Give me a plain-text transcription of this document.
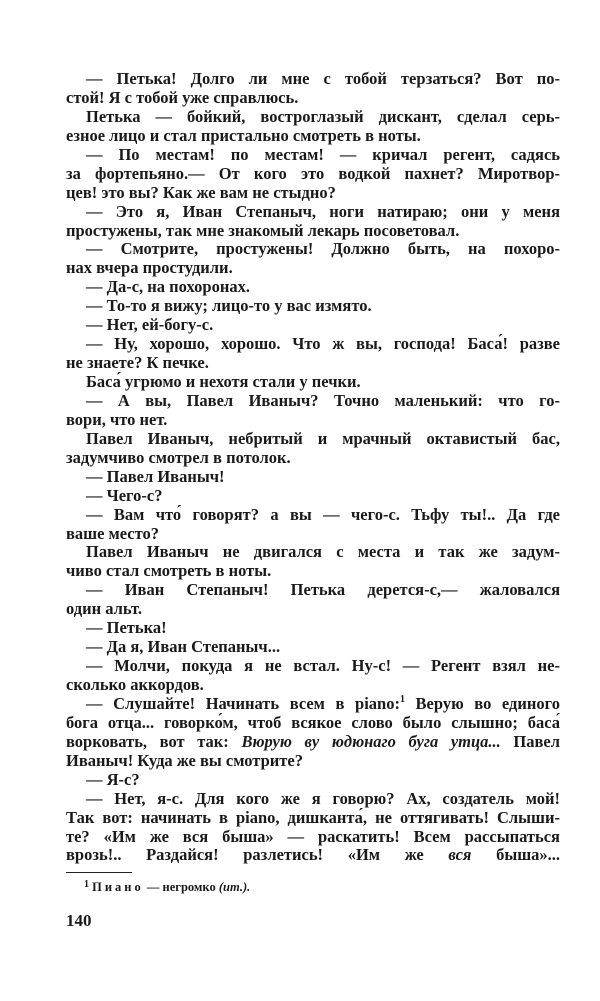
— Петька! Долго ли мне с тобой терзаться? Вот по-
стой! Я с тобой уже справлюсь.
Петька — бойкий, востроглазый дискант, сделал серь-
езное лицо и стал пристально смотреть в ноты.
— По местам! по местам! — кричал регент, садясь
за фортепьяно.— От кого это водкой пахнет? Миротвор-
цев! это вы? Как же вам не стыдно?
— Это я, Иван Степаныч, ноги натираю; они у меня
простужены, так мне знакомый лекарь посоветовал.
— Смотрите, простужены! Должно быть, на похоро-
нах вчера простудили.
— Да-с, на похоронах.
— То-то я вижу; лицо-то у вас измято.
— Нет, ей-богу-с.
— Ну, хорошо, хорошо. Что ж вы, господа! Баса́! разве
не знаете? К печке.
Баса́ угрюмо и нехотя стали у печки.
— А вы, Павел Иваныч? Точно маленький: что го-
вори, что нет.
Павел Иваныч, небритый и мрачный октавистый бас,
задумчиво смотрел в потолок.
— Павел Иваныч!
— Чего-с?
— Вам что́ говорят? а вы — чего-с. Тьфу ты!.. Да где
ваше место?
Павел Иваныч не двигался с места и так же задум-
чиво стал смотреть в ноты.
— Иван Степаныч! Петька дерется-с,— жаловался
один альт.
— Петька!
— Да я, Иван Степаныч...
— Молчи, покуда я не встал. Ну-с! — Регент взял не-
сколько аккордов.
— Слушайте! Начинать всем в piano:$^1$ Верую во единого
бога отца... говорко́м, чтоб всякое слово было слышно; баса́
ворковать, вот так: Вюрую ву юдюнаго буга утца... Павел
Иваныч! Куда же вы смотрите?
— Я-с?
— Нет, я-с. Для кого же я говорю? Ах, создатель мой!
Так вот: начинать в piano, дишканта́, не оттягивать! Слыши-
те? «Им же вся быша» — раскатить! Всем рассыпаться
врозь!.. Раздайся! разлетись! «Им же вся быша»...
$^1$ Пиано — негромко (ит.).
140
